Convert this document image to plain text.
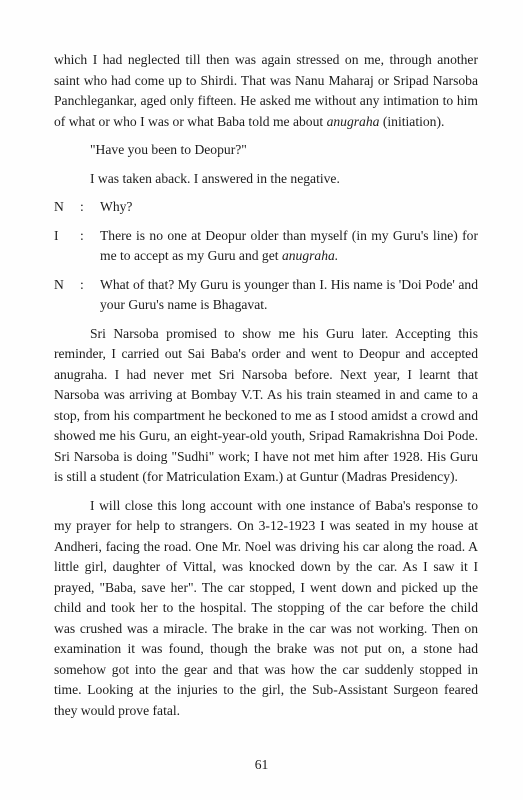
which I had neglected till then was again stressed on me, through another saint who had come up to Shirdi. That was Nanu Maharaj or Sripad Narsoba Panchlegankar, aged only fifteen. He asked me without any intimation to him of what or who I was or what Baba told me about anugraha (initiation).

"Have you been to Deopur?"

I was taken aback. I answered in the negative.

N	:	Why?
I	:	There is no one at Deopur older than myself (in my Guru's line) for me to accept as my Guru and get anugraha.
N	:	What of that? My Guru is younger than I. His name is 'Doi Pode' and your Guru's name is Bhagavat.

Sri Narsoba promised to show me his Guru later. Accepting this reminder, I carried out Sai Baba's order and went to Deopur and accepted anugraha. I had never met Sri Narsoba before. Next year, I learnt that Narsoba was arriving at Bombay V.T. As his train steamed in and came to a stop, from his compartment he beckoned to me as I stood amidst a crowd and showed me his Guru, an eight-year-old youth, Sripad Ramakrishna Doi Pode. Sri Narsoba is doing "Sudhi" work; I have not met him after 1928. His Guru is still a student (for Matriculation Exam.) at Guntur (Madras Presidency).

I will close this long account with one instance of Baba's response to my prayer for help to strangers. On 3-12-1923 I was seated in my house at Andheri, facing the road. One Mr. Noel was driving his car along the road. A little girl, daughter of Vittal, was knocked down by the car. As I saw it I prayed, "Baba, save her". The car stopped, I went down and picked up the child and took her to the hospital. The stopping of the car before the child was crushed was a miracle. The brake in the car was not working. Then on examination it was found, though the brake was not put on, a stone had somehow got into the gear and that was how the car suddenly stopped in time. Looking at the injuries to the girl, the Sub-Assistant Surgeon feared they would prove fatal.

61
